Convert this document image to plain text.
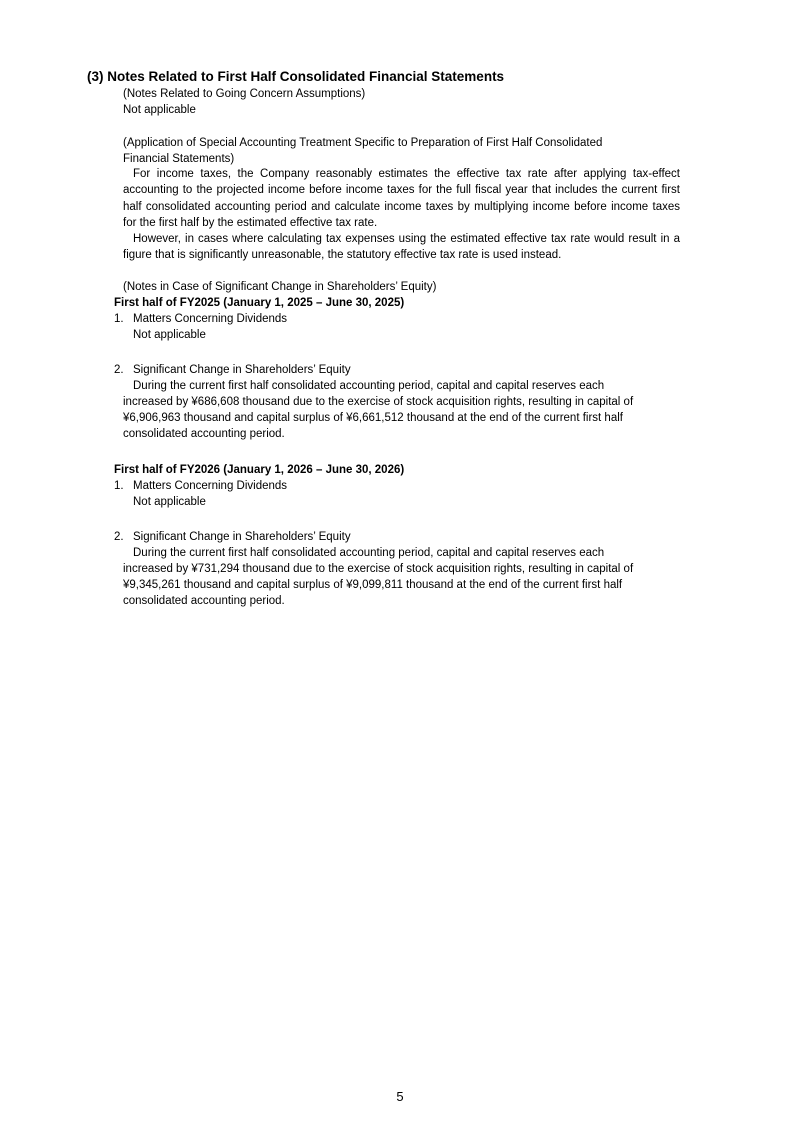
(3) Notes Related to First Half Consolidated Financial Statements
(Notes Related to Going Concern Assumptions)
Not applicable
(Application of Special Accounting Treatment Specific to Preparation of First Half Consolidated
Financial Statements)
For income taxes, the Company reasonably estimates the effective tax rate after applying tax-effect accounting to the projected income before income taxes for the full fiscal year that includes the current first half consolidated accounting period and calculate income taxes by multiplying income before income taxes for the first half by the estimated effective tax rate.
However, in cases where calculating tax expenses using the estimated effective tax rate would result in a figure that is significantly unreasonable, the statutory effective tax rate is used instead.
(Notes in Case of Significant Change in Shareholders’ Equity)
First half of FY2025 (January 1, 2025 – June 30, 2025)
1. Matters Concerning Dividends
Not applicable
2. Significant Change in Shareholders’ Equity
During the current first half consolidated accounting period, capital and capital reserves each
increased by ¥686,608 thousand due to the exercise of stock acquisition rights, resulting in capital of
¥6,906,963 thousand and capital surplus of ¥6,661,512 thousand at the end of the current first half
consolidated accounting period.
First half of FY2026 (January 1, 2026 – June 30, 2026)
1. Matters Concerning Dividends
Not applicable
2. Significant Change in Shareholders’ Equity
During the current first half consolidated accounting period, capital and capital reserves each
increased by ¥731,294 thousand due to the exercise of stock acquisition rights, resulting in capital of
¥9,345,261 thousand and capital surplus of ¥9,099,811 thousand at the end of the current first half
consolidated accounting period.
5
